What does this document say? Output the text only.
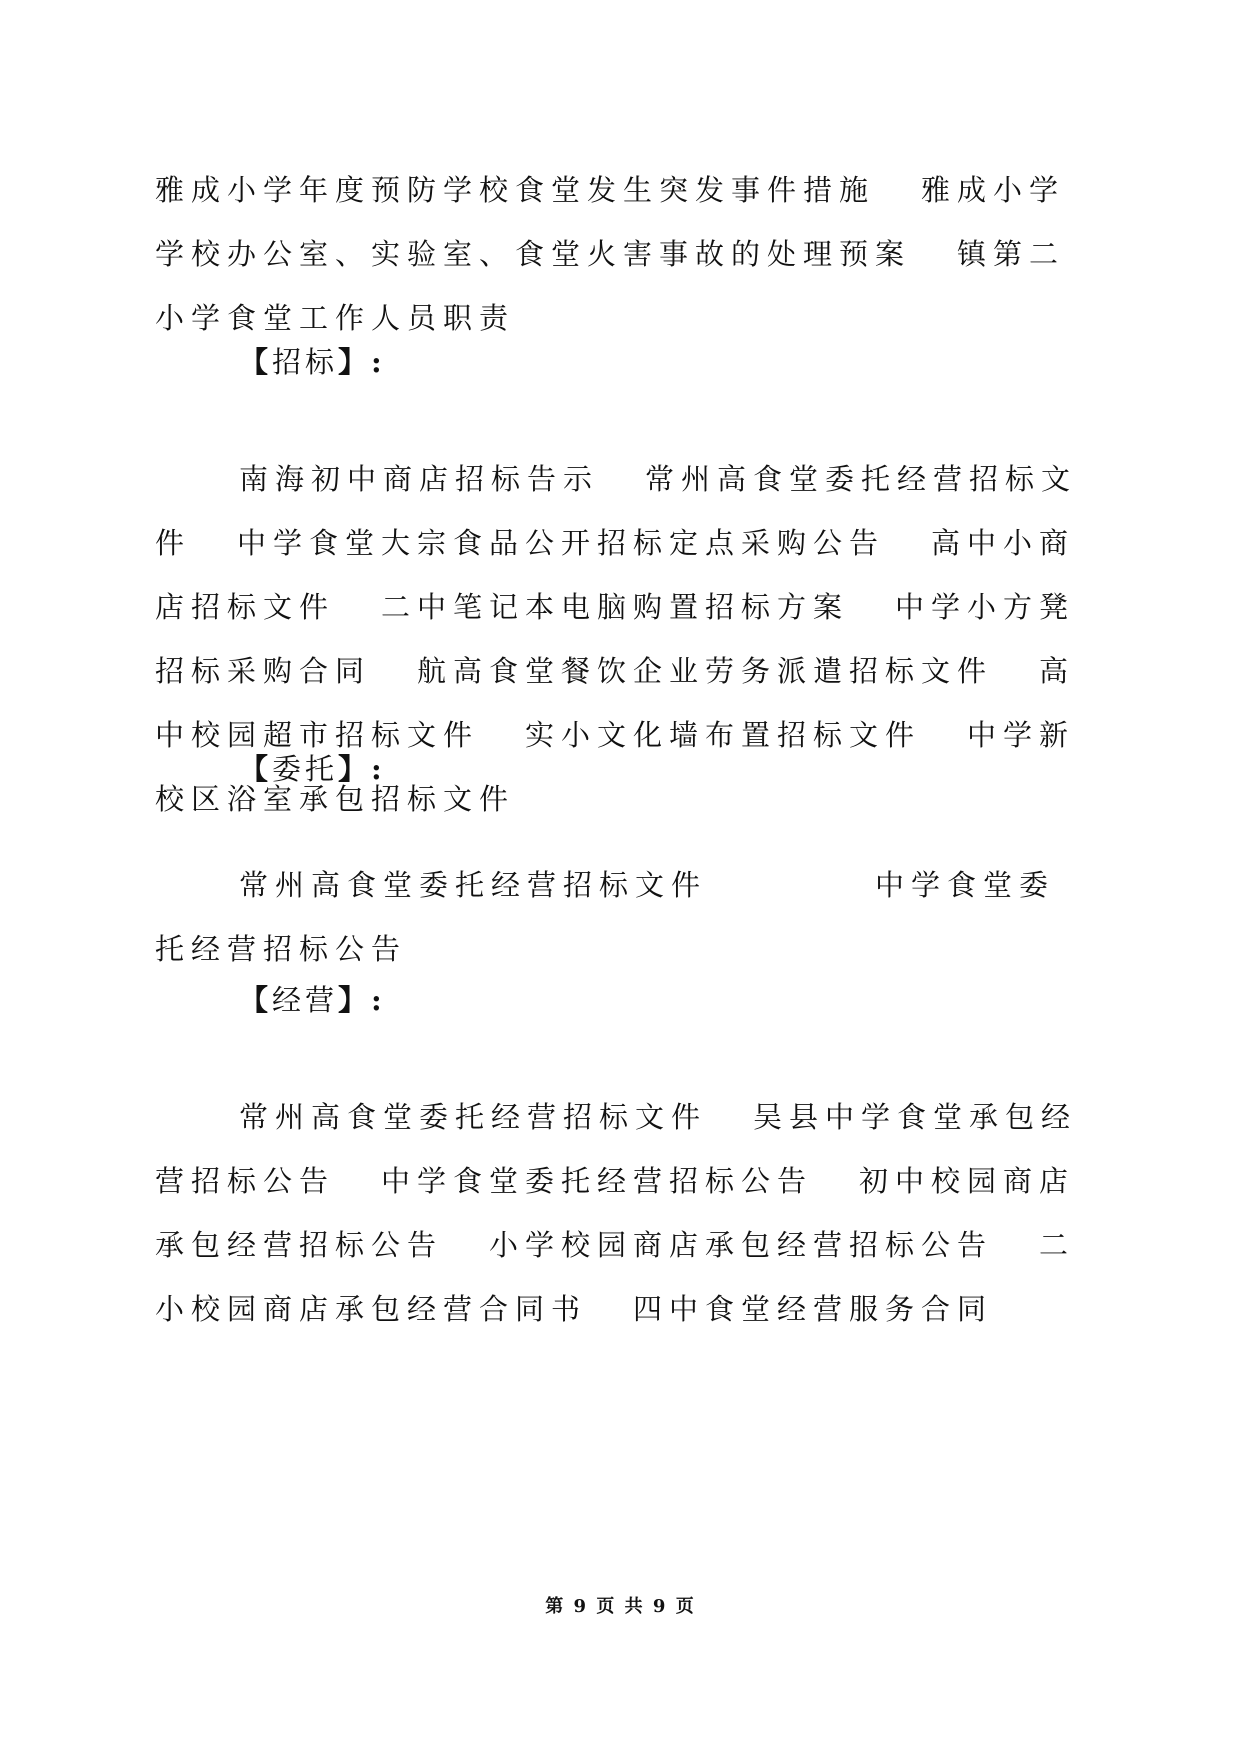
雅成小学年度预防学校食堂发生突发事件措施 雅成小学学校办公室、实验室、食堂火害事故的处理预案 镇第二小学食堂工作人员职责

【招标】:

南海初中商店招标告示 常州高食堂委托经营招标文件 中学食堂大宗食品公开招标定点采购公告 高中小商店招标文件 二中笔记本电脑购置招标方案 中学小方凳招标采购合同 航高食堂餐饮企业劳务派遣招标文件 高中校园超市招标文件 实小文化墙布置招标文件 中学新校区浴室承包招标文件

【委托】:

常州高食堂委托经营招标文件	中学食堂委托经营招标公告

【经营】:

常州高食堂委托经营招标文件 吴县中学食堂承包经营招标公告 中学食堂委托经营招标公告 初中校园商店承包经营招标公告 小学校园商店承包经营招标公告 二小校园商店承包经营合同书 四中食堂经营服务合同

第 9 页 共 9 页
